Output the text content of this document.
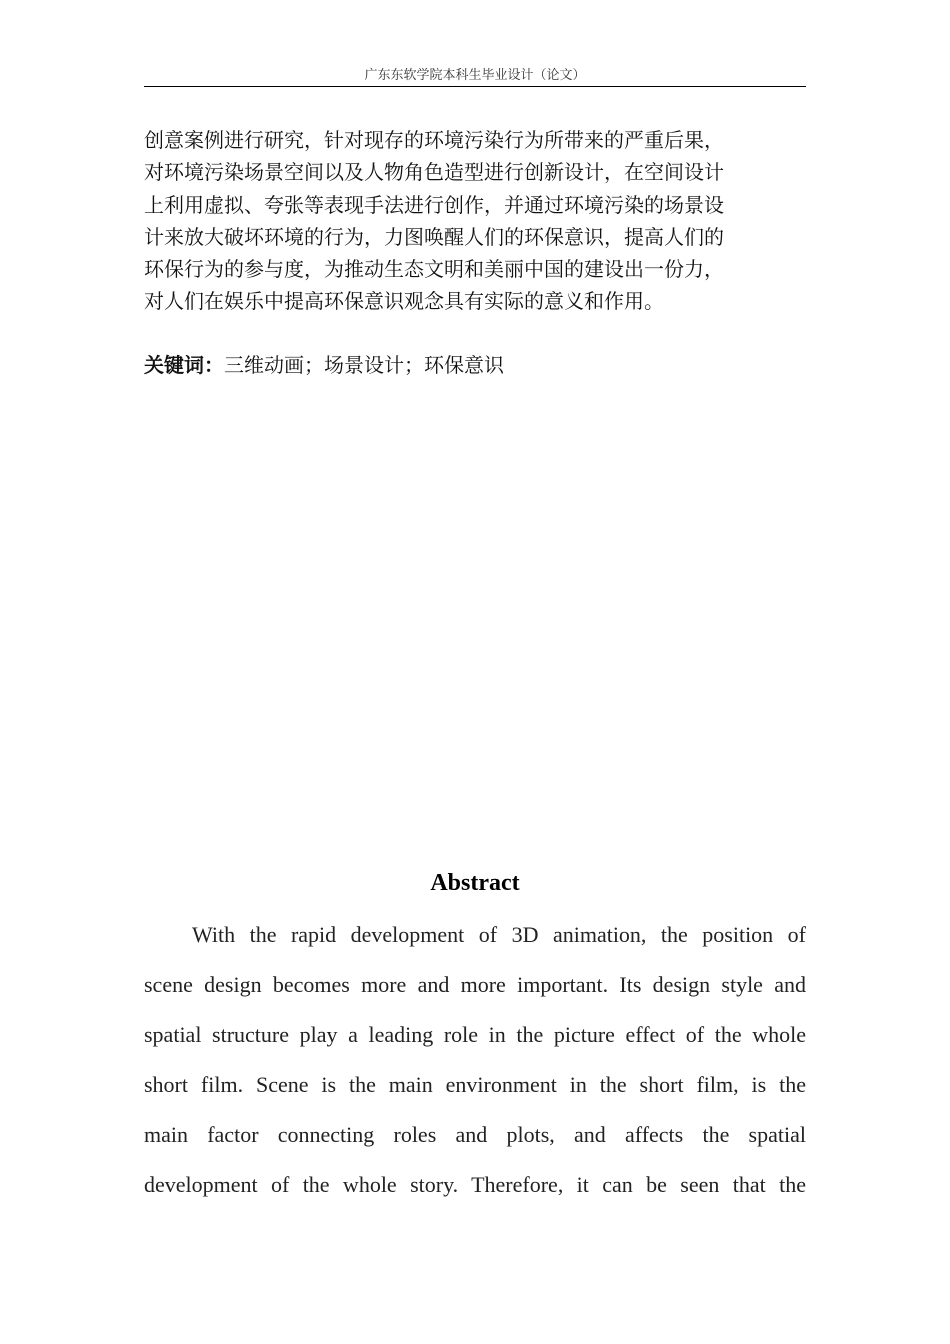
广东东软学院本科生毕业设计（论文）
创意案例进行研究，针对现存的环境污染行为所带来的严重后果，
对环境污染场景空间以及人物角色造型进行创新设计，在空间设计
上利用虚拟、夸张等表现手法进行创作，并通过环境污染的场景设
计来放大破坏环境的行为，力图唤醒人们的环保意识，提高人们的
环保行为的参与度，为推动生态文明和美丽中国的建设出一份力，
对人们在娱乐中提高环保意识观念具有实际的意义和作用。
关键词：三维动画；场景设计；环保意识
Abstract
With the rapid development of 3D animation, the position of
scene design becomes more and more important. Its design style and
spatial structure play a leading role in the picture effect of the whole
short film. Scene is the main environment in the short film, is the
main factor connecting roles and plots, and affects the spatial
development of the whole story. Therefore, it can be seen that the
